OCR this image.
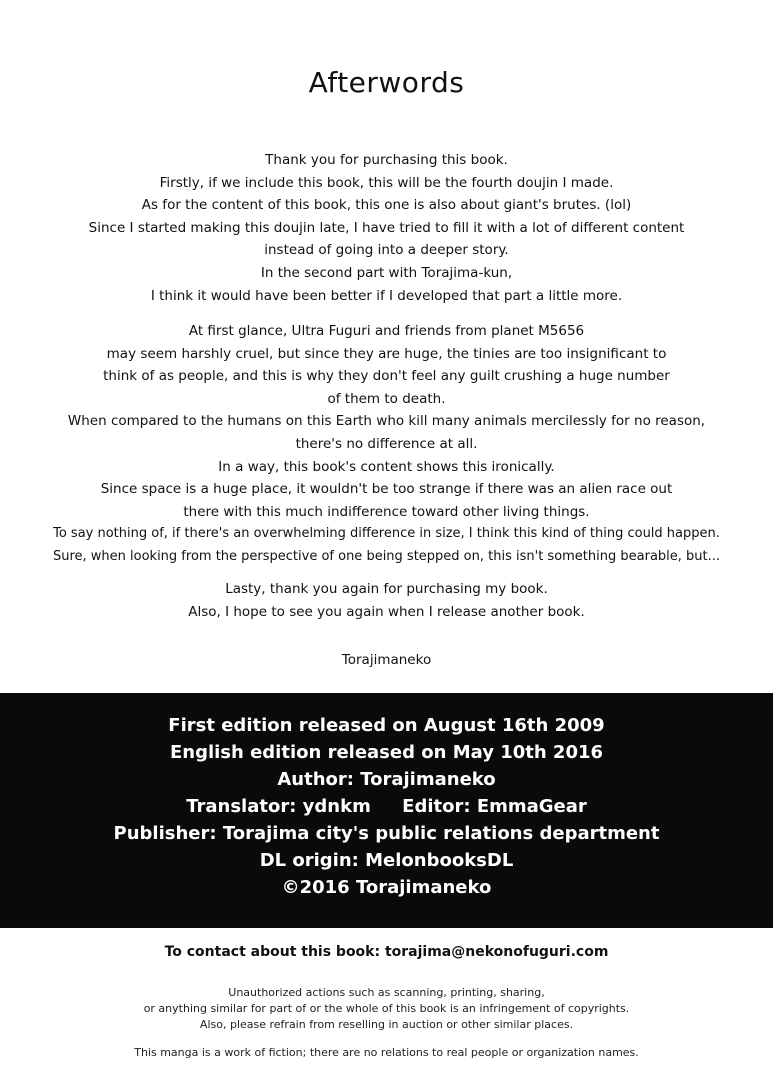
Afterwords
Thank you for purchasing this book.
Firstly, if we include this book, this will be the fourth doujin I made.
As for the content of this book, this one is also about giant's brutes. (lol)
Since I started making this doujin late, I have tried to fill it with a lot of different content
instead of going into a deeper story.
In the second part with Torajima-kun,
I think it would have been better if I developed that part a little more.
At first glance, Ultra Fuguri and friends from planet M5656
may seem harshly cruel, but since they are huge, the tinies are too insignificant to
think of as people, and this is why they don't feel any guilt crushing a huge number
of them to death.
When compared to the humans on this Earth who kill many animals mercilessly for no reason,
there's no difference at all.
In a way, this book's content shows this ironically.
Since space is a huge place, it wouldn't be too strange if there was an alien race out
there with this much indifference toward other living things.
To say nothing of, if there's an overwhelming difference in size, I think this kind of thing could happen.
Sure, when looking from the perspective of one being stepped on, this isn't something bearable, but...
Lasty, thank you again for purchasing my book.
Also, I hope to see you again when I release another book.
Torajimaneko
First edition released on August 16th 2009
English edition released on May 10th 2016
Author: Torajimaneko
Translator: ydnkm     Editor: EmmaGear
Publisher: Torajima city's public relations department
DL origin: MelonbooksDL
©2016 Torajimaneko
To contact about this book: torajima@nekonofuguri.com
Unauthorized actions such as scanning, printing, sharing,
or anything similar for part of or the whole of this book is an infringement of copyrights.
Also, please refrain from reselling in auction or other similar places.
This manga is a work of fiction; there are no relations to real people or organization names.
